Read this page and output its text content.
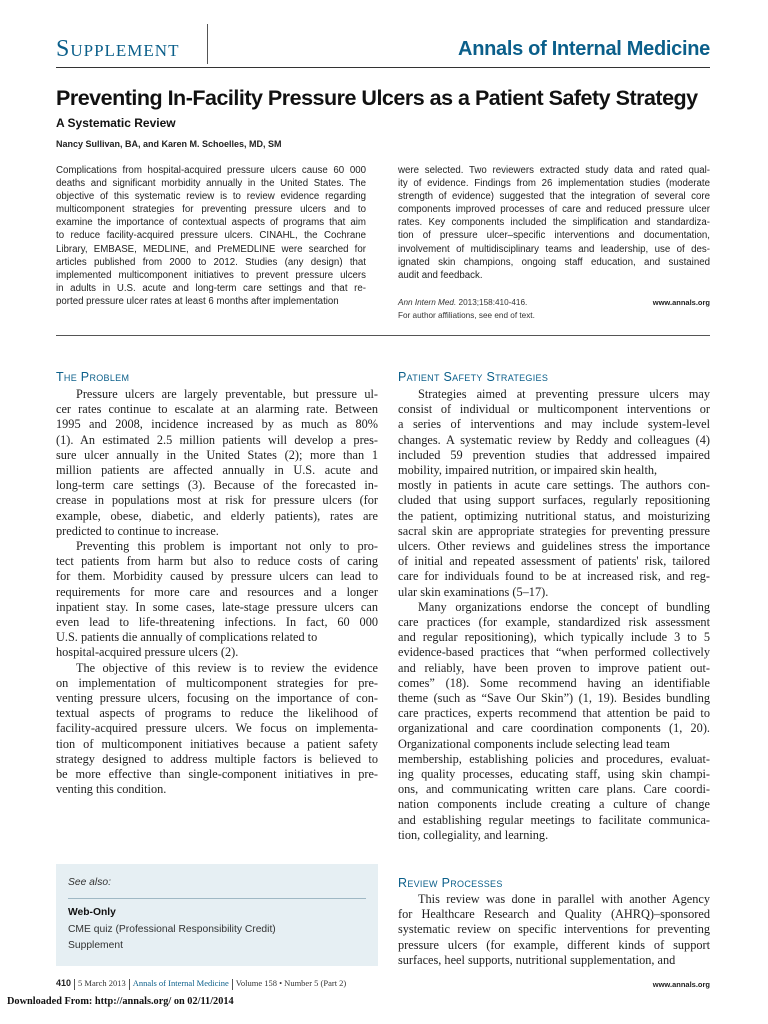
Supplement	Annals of Internal Medicine
Preventing In-Facility Pressure Ulcers as a Patient Safety Strategy
A Systematic Review
Nancy Sullivan, BA, and Karen M. Schoelles, MD, SM
Complications from hospital-acquired pressure ulcers cause 60 000
deaths and significant morbidity annually in the United States. The
objective of this systematic review is to review evidence regarding
multicomponent strategies for preventing pressure ulcers and to
examine the importance of contextual aspects of programs that aim
to reduce facility-acquired pressure ulcers. CINAHL, the Cochrane
Library, EMBASE, MEDLINE, and PreMEDLINE were searched for
articles published from 2000 to 2012. Studies (any design) that
implemented multicomponent initiatives to prevent pressure ulcers
in adults in U.S. acute and long-term care settings and that re-
ported pressure ulcer rates at least 6 months after implementation
were selected. Two reviewers extracted study data and rated qual-
ity of evidence. Findings from 26 implementation studies (moderate
strength of evidence) suggested that the integration of several core
components improved processes of care and reduced pressure ulcer
rates. Key components included the simplification and standardiza-
tion of pressure ulcer–specific interventions and documentation,
involvement of multidisciplinary teams and leadership, use of des-
ignated skin champions, ongoing staff education, and sustained
audit and feedback.
Ann Intern Med. 2013;158:410-416.	www.annals.org
For author affiliations, see end of text.
The Problem
Pressure ulcers are largely preventable, but pressure ul-
cer rates continue to escalate at an alarming rate. Between
1995 and 2008, incidence increased by as much as 80%
(1). An estimated 2.5 million patients will develop a pres-
sure ulcer annually in the United States (2); more than 1
million patients are affected annually in U.S. acute and
long-term care settings (3). Because of the forecasted in-
crease in populations most at risk for pressure ulcers (for
example, obese, diabetic, and elderly patients), rates are
predicted to continue to increase.
Preventing this problem is important not only to pro-
tect patients from harm but also to reduce costs of caring
for them. Morbidity caused by pressure ulcers can lead to
requirements for more care and resources and a longer
inpatient stay. In some cases, late-stage pressure ulcers can
even lead to life-threatening infections. In fact, 60 000
U.S. patients die annually of complications related to
hospital-acquired pressure ulcers (2).
The objective of this review is to review the evidence
on implementation of multicomponent strategies for pre-
venting pressure ulcers, focusing on the importance of con-
textual aspects of programs to reduce the likelihood of
facility-acquired pressure ulcers. We focus on implementa-
tion of multicomponent initiatives because a patient safety
strategy designed to address multiple factors is believed to
be more effective than single-component initiatives in pre-
venting this condition.
Patient Safety Strategies
Strategies aimed at preventing pressure ulcers may
consist of individual or multicomponent interventions or
a series of interventions and may include system-level
changes. A systematic review by Reddy and colleagues (4)
included 59 prevention studies that addressed impaired
mobility, impaired nutrition, or impaired skin health,
mostly in patients in acute care settings. The authors con-
cluded that using support surfaces, regularly repositioning
the patient, optimizing nutritional status, and moisturizing
sacral skin are appropriate strategies for preventing pressure
ulcers. Other reviews and guidelines stress the importance
of initial and repeated assessment of patients' risk, tailored
care for individuals found to be at increased risk, and reg-
ular skin examinations (5–17).
Many organizations endorse the concept of bundling
care practices (for example, standardized risk assessment
and regular repositioning), which typically include 3 to 5
evidence-based practices that “when performed collectively
and reliably, have been proven to improve patient out-
comes” (18). Some recommend having an identifiable
theme (such as “Save Our Skin”) (1, 19). Besides bundling
care practices, experts recommend that attention be paid to
organizational and care coordination components (1, 20).
Organizational components include selecting lead team
membership, establishing policies and procedures, evaluat-
ing quality processes, educating staff, using skin champi-
ons, and communicating written care plans. Care coordi-
nation components include creating a culture of change
and establishing regular meetings to facilitate communica-
tion, collegiality, and learning.
Review Processes
This review was done in parallel with another Agency
for Healthcare Research and Quality (AHRQ)–sponsored
systematic review on specific interventions for preventing
pressure ulcers (for example, different kinds of support
surfaces, heel supports, nutritional supplementation, and
See also:
Web-Only
CME quiz (Professional Responsibility Credit)
Supplement
410 5 March 2013 Annals of Internal Medicine Volume 158 • Number 5 (Part 2)	www.annals.org
Downloaded From: http://annals.org/ on 02/11/2014
